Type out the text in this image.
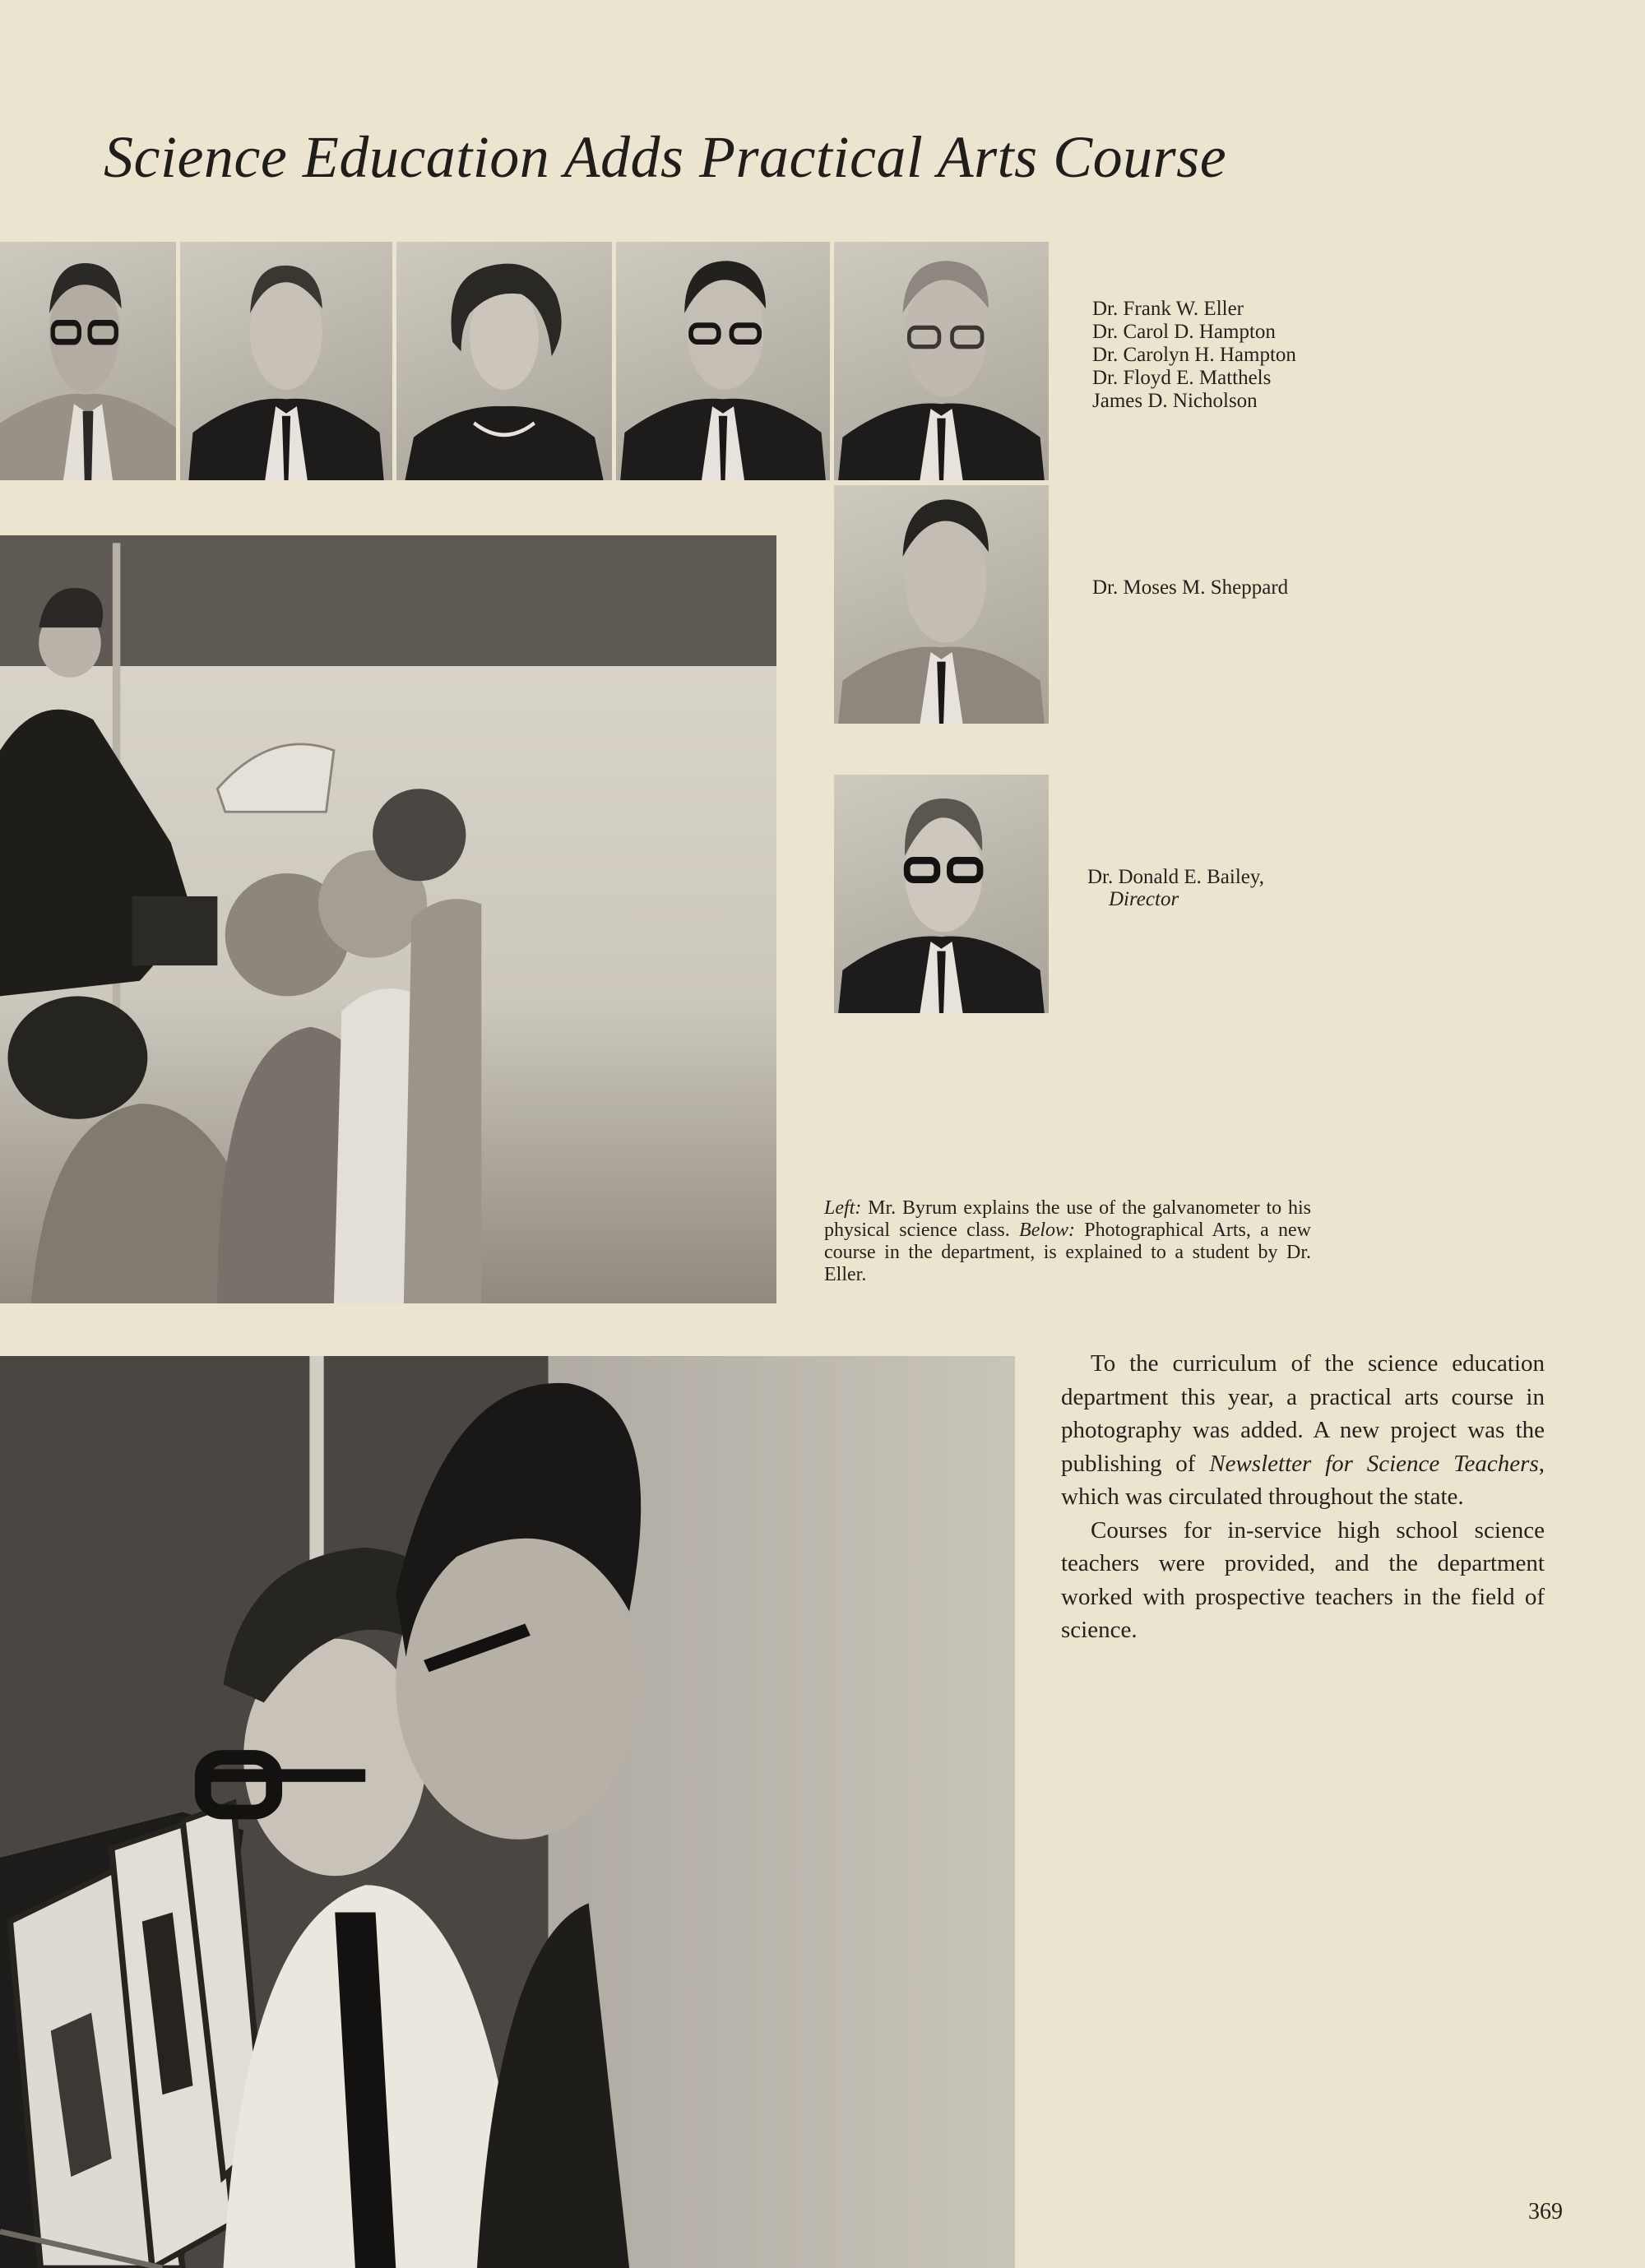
Science Education Adds Practical Arts Course
Dr. Frank W. Eller
Dr. Carol D. Hampton
Dr. Carolyn H. Hampton
Dr. Floyd E. Matthels
James D. Nicholson
Dr. Moses M. Sheppard
Dr. Donald E. Bailey,
Director

Left: Mr. Byrum explains the use of the galvanometer to his physical science class. Below: Photographical Arts, a new course in the department, is explained to a student by Dr. Eller.

To the curriculum of the science education department this year, a practical arts course in photography was added. A new project was the publishing of Newsletter for Science Teachers, which was circulated throughout the state.

Courses for in-service high school science teachers were provided, and the department worked with prospective teachers in the field of science.

369
